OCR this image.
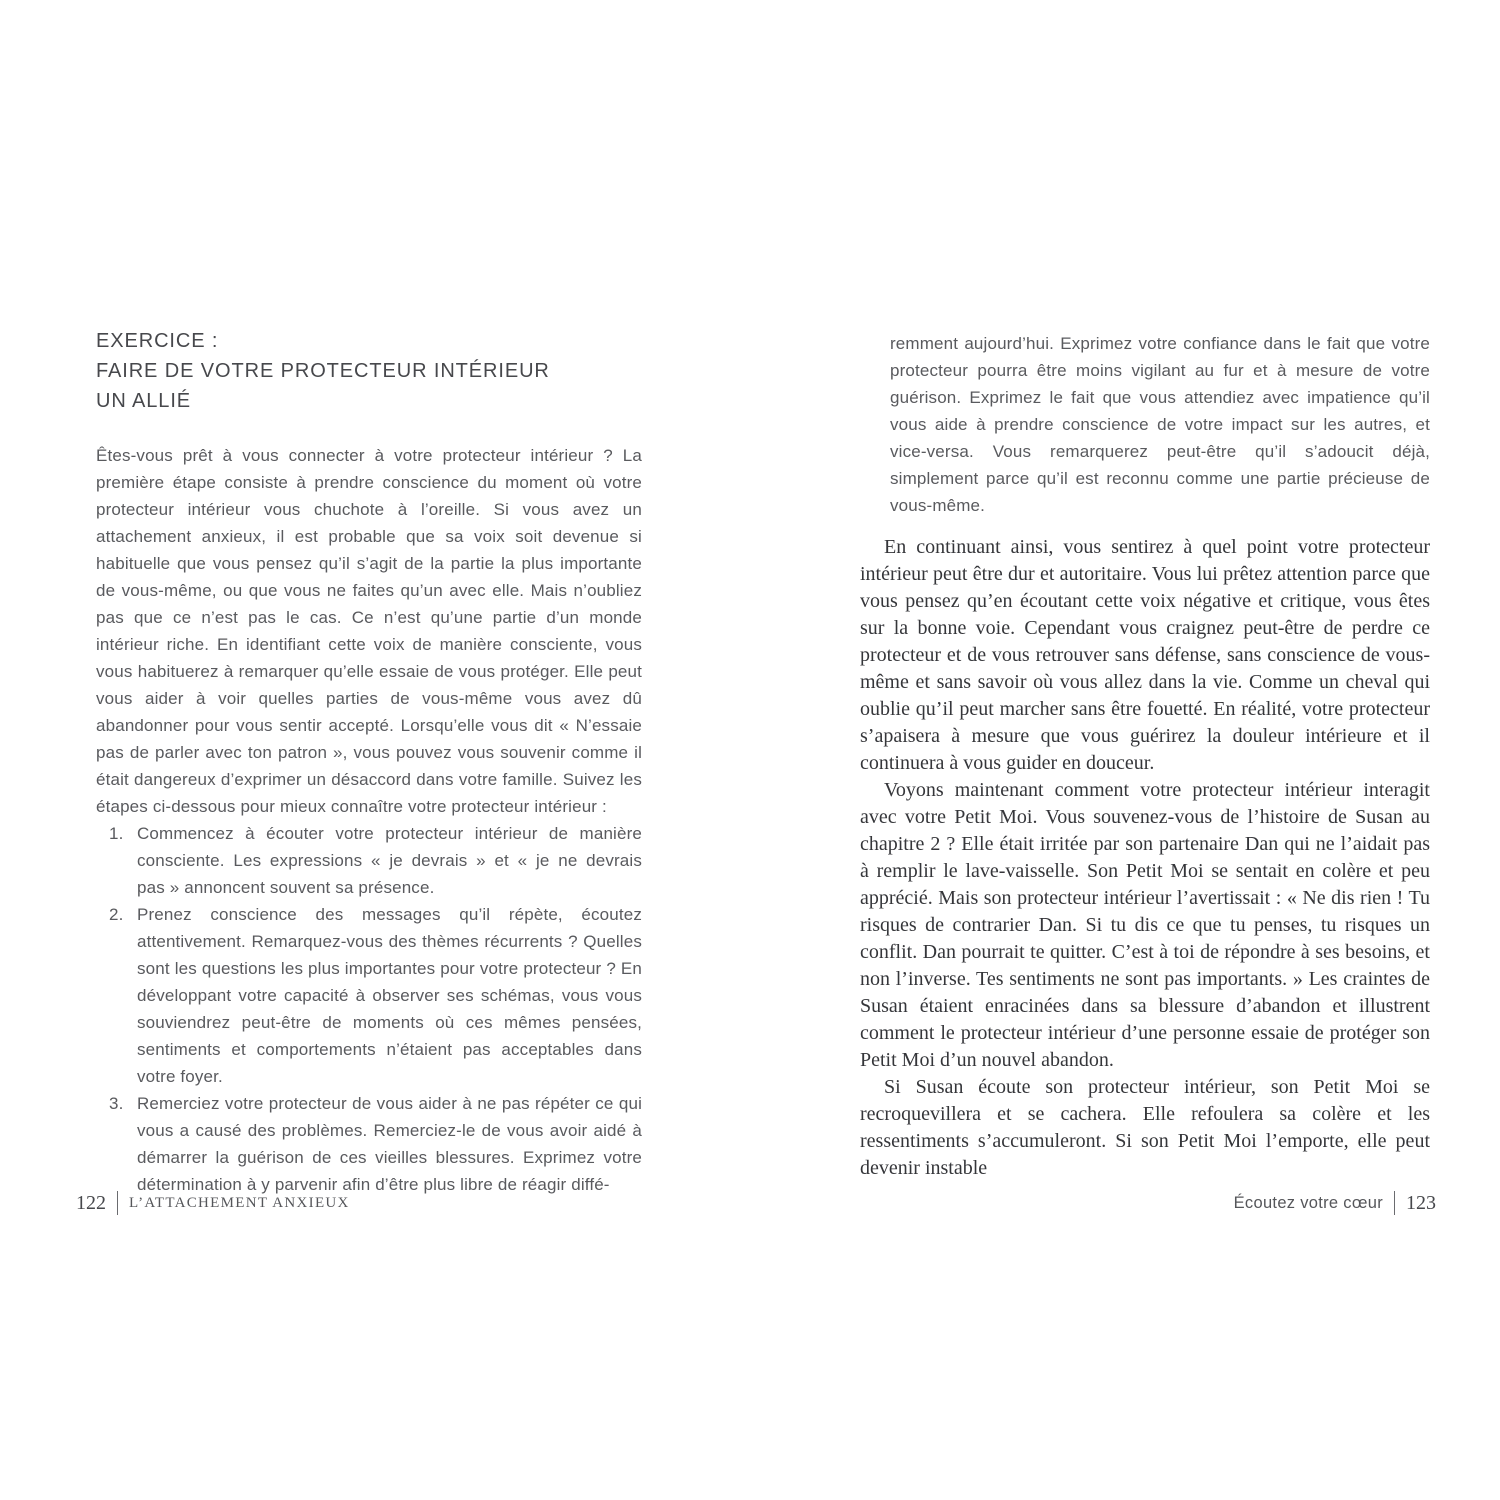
EXERCICE :
FAIRE DE VOTRE PROTECTEUR INTÉRIEUR
UN ALLIÉ

Êtes-vous prêt à vous connecter à votre protecteur intérieur ? La première étape consiste à prendre conscience du moment où votre protecteur intérieur vous chuchote à l’oreille. Si vous avez un attachement anxieux, il est probable que sa voix soit devenue si habituelle que vous pensez qu’il s’agit de la partie la plus importante de vous-même, ou que vous ne faites qu’un avec elle. Mais n’oubliez pas que ce n’est pas le cas. Ce n’est qu’une partie d’un monde intérieur riche. En identifiant cette voix de manière consciente, vous vous habituerez à remarquer qu’elle essaie de vous protéger. Elle peut vous aider à voir quelles parties de vous-même vous avez dû abandonner pour vous sentir accepté. Lorsqu’elle vous dit « N’essaie pas de parler avec ton patron », vous pouvez vous souvenir comme il était dangereux d’exprimer un désaccord dans votre famille. Suivez les étapes ci-dessous pour mieux connaître votre protecteur intérieur :

1. Commencez à écouter votre protecteur intérieur de manière consciente. Les expressions « je devrais » et « je ne devrais pas » annoncent souvent sa présence.
2. Prenez conscience des messages qu’il répète, écoutez attentivement. Remarquez-vous des thèmes récurrents ? Quelles sont les questions les plus importantes pour votre protecteur ? En développant votre capacité à observer ses schémas, vous vous souviendrez peut-être de moments où ces mêmes pensées, sentiments et comportements n’étaient pas acceptables dans votre foyer.
3. Remerciez votre protecteur de vous aider à ne pas répéter ce qui vous a causé des problèmes. Remerciez-le de vous avoir aidé à démarrer la guérison de ces vieilles blessures. Exprimez votre détermination à y parvenir afin d’être plus libre de réagir diffé-
122 L’ATTACHEMENT ANXIEUX

remment aujourd’hui. Exprimez votre confiance dans le fait que votre protecteur pourra être moins vigilant au fur et à mesure de votre guérison. Exprimez le fait que vous attendiez avec impatience qu’il vous aide à prendre conscience de votre impact sur les autres, et vice-versa. Vous remarquerez peut-être qu’il s’adoucit déjà, simplement parce qu’il est reconnu comme une partie précieuse de vous-même.

En continuant ainsi, vous sentirez à quel point votre protecteur intérieur peut être dur et autoritaire. Vous lui prêtez attention parce que vous pensez qu’en écoutant cette voix négative et critique, vous êtes sur la bonne voie. Cependant vous craignez peut-être de perdre ce protecteur et de vous retrouver sans défense, sans conscience de vous-même et sans savoir où vous allez dans la vie. Comme un cheval qui oublie qu’il peut marcher sans être fouetté. En réalité, votre protecteur s’apaisera à mesure que vous guérirez la douleur intérieure et il continuera à vous guider en douceur.

Voyons maintenant comment votre protecteur intérieur interagit avec votre Petit Moi. Vous souvenez-vous de l’histoire de Susan au chapitre 2 ? Elle était irritée par son partenaire Dan qui ne l’aidait pas à remplir le lave-vaisselle. Son Petit Moi se sentait en colère et peu apprécié. Mais son protecteur intérieur l’avertissait : « Ne dis rien ! Tu risques de contrarier Dan. Si tu dis ce que tu penses, tu risques un conflit. Dan pourrait te quitter. C’est à toi de répondre à ses besoins, et non l’inverse. Tes sentiments ne sont pas importants. » Les craintes de Susan étaient enracinées dans sa blessure d’abandon et illustrent comment le protecteur intérieur d’une personne essaie de protéger son Petit Moi d’un nouvel abandon.

Si Susan écoute son protecteur intérieur, son Petit Moi se recroquevillera et se cachera. Elle refoulera sa colère et les ressentiments s’accumuleront. Si son Petit Moi l’emporte, elle peut devenir instable

Écoutez votre cœur 123
